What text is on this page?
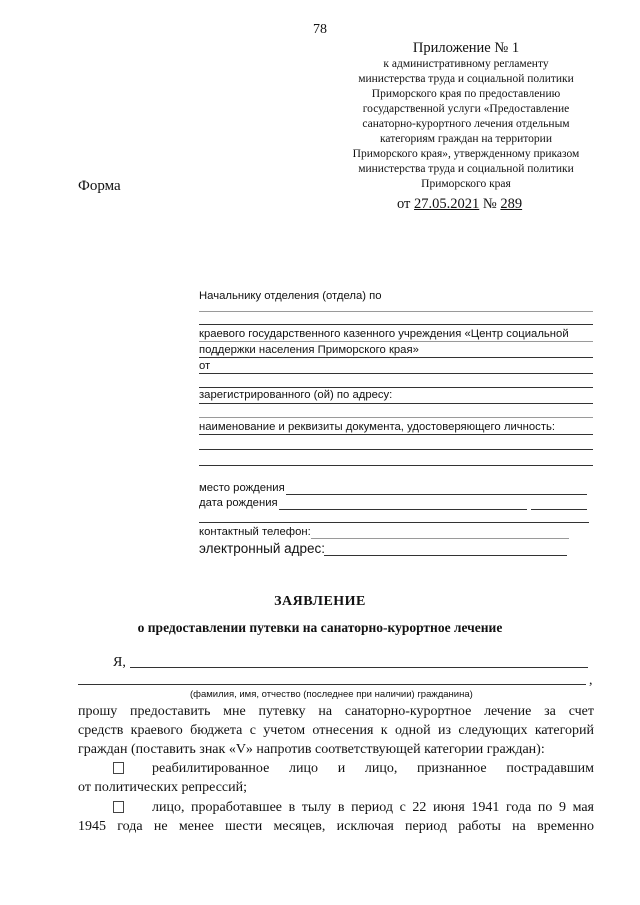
78
Приложение № 1
к административному регламенту
министерства труда и социальной политики
Приморского края по предоставлению
государственной услуги «Предоставление
санаторно-курортного лечения отдельным
категориям граждан на территории
Приморского края», утвержденному приказом
министерства труда и социальной политики
Приморского края
от 27.05.2021 № 289
Форма
Начальнику отделения (отдела) по
краевого государственного казенного учреждения «Центр социальной
поддержки населения Приморского края»
от
зарегистрированного (ой) по адресу:
наименование и реквизиты документа, удостоверяющего личность:
место рождения
дата рождения
контактный телефон:
электронный адрес:
ЗАЯВЛЕНИЕ
о предоставлении путевки на санаторно-курортное лечение
Я,
,
(фамилия, имя, отчество (последнее при наличии) гражданина)
прошу предоставить мне путевку на санаторно-курортное лечение за счет
средств краевого бюджета с учетом отнесения к одной из следующих категорий
граждан (поставить знак «V» напротив соответствующей категории граждан):
реабилитированное лицо и лицо, признанное пострадавшим
от политических репрессий;
лицо, проработавшее в тылу в период с 22 июня 1941 года по 9 мая
1945 года не менее шести месяцев, исключая период работы на временно
